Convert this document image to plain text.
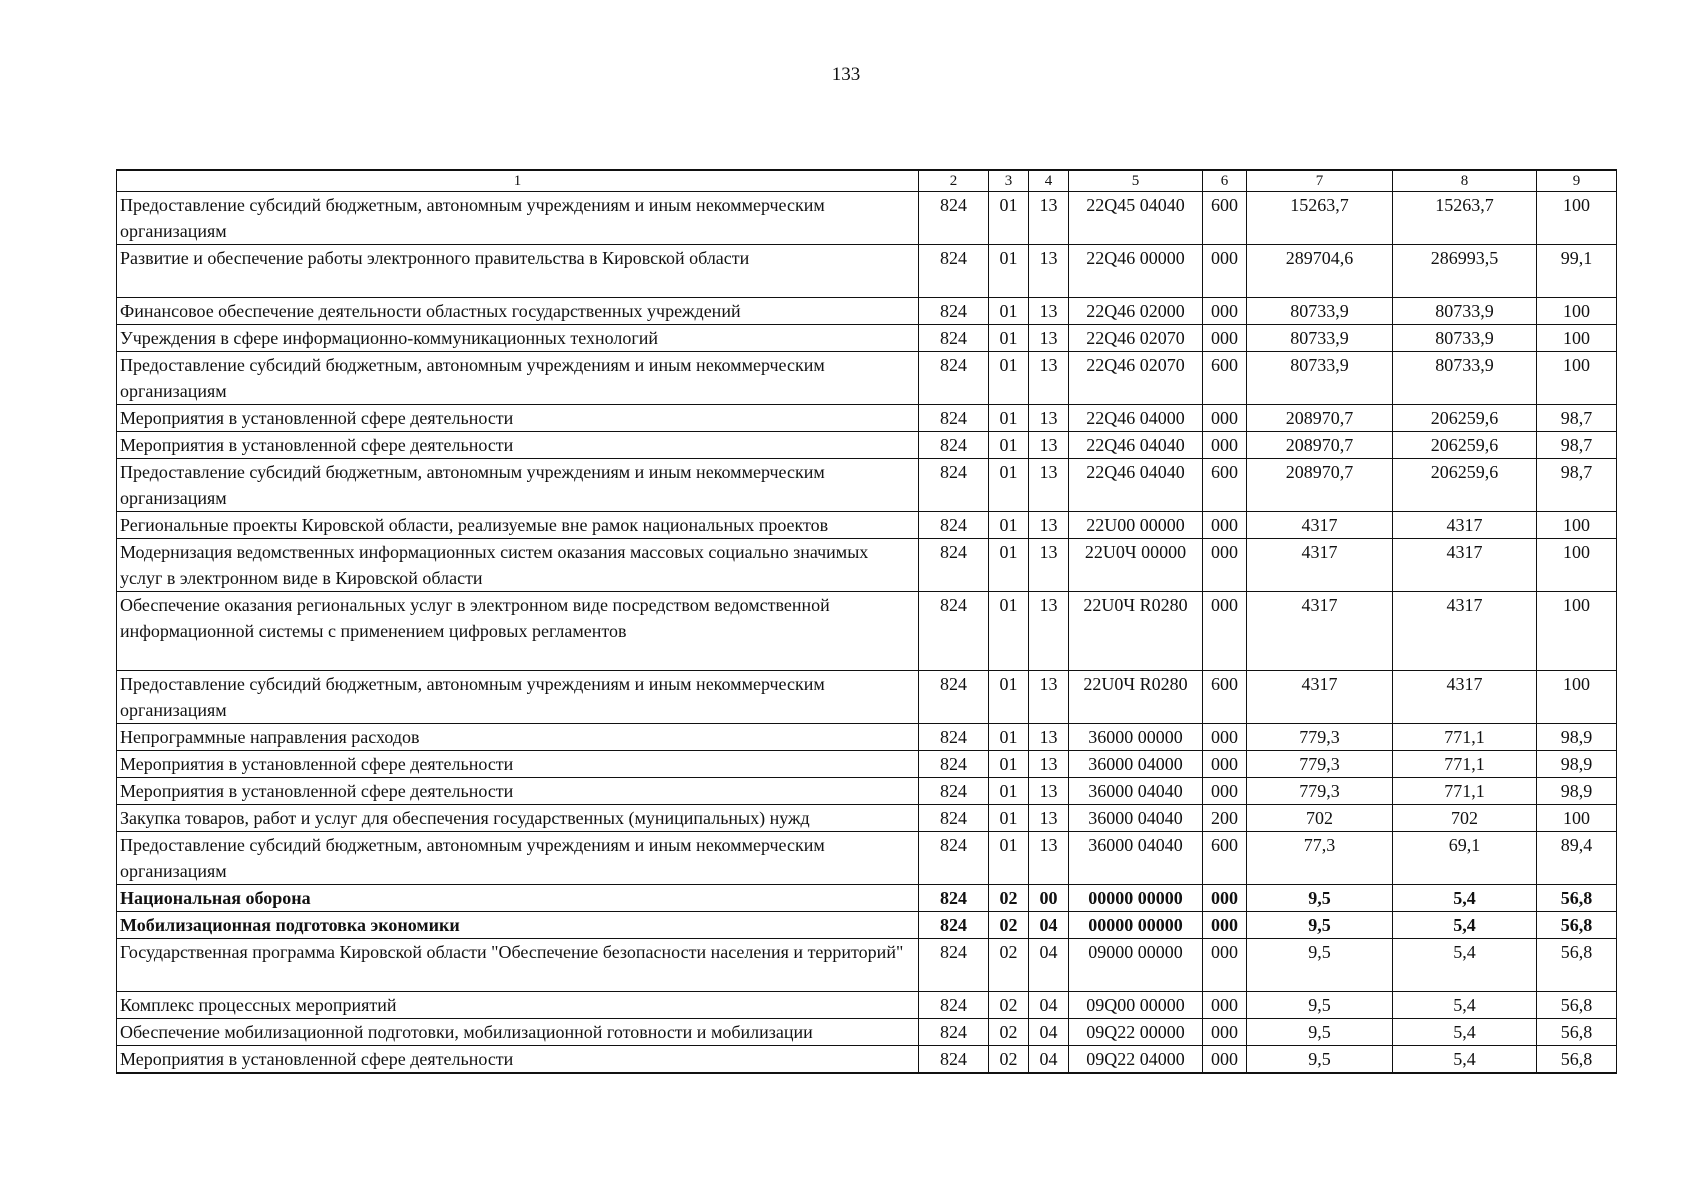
133
1	2	3	4	5	6	7	8	9
Предоставление субсидий бюджетным, автономным учреждениям и иным некоммерческим организациям	824	01	13	22Q45 04040	600	15263,7	15263,7	100
Развитие и обеспечение работы электронного правительства в Кировской области	824	01	13	22Q46 00000	000	289704,6	286993,5	99,1
Финансовое обеспечение деятельности областных государственных учреждений	824	01	13	22Q46 02000	000	80733,9	80733,9	100
Учреждения в сфере информационно-коммуникационных технологий	824	01	13	22Q46 02070	000	80733,9	80733,9	100
Предоставление субсидий бюджетным, автономным учреждениям и иным некоммерческим организациям	824	01	13	22Q46 02070	600	80733,9	80733,9	100
Мероприятия в установленной сфере деятельности	824	01	13	22Q46 04000	000	208970,7	206259,6	98,7
Мероприятия в установленной сфере деятельности	824	01	13	22Q46 04040	000	208970,7	206259,6	98,7
Предоставление субсидий бюджетным, автономным учреждениям и иным некоммерческим организациям	824	01	13	22Q46 04040	600	208970,7	206259,6	98,7
Региональные проекты Кировской области, реализуемые вне рамок национальных проектов	824	01	13	22U00 00000	000	4317	4317	100
Модернизация ведомственных информационных систем оказания массовых социально значимых услуг в электронном виде в Кировской области	824	01	13	22U0Ч 00000	000	4317	4317	100
Обеспечение оказания региональных услуг в электронном виде посредством ведомственной информационной системы с применением цифровых регламентов	824	01	13	22U0Ч R0280	000	4317	4317	100
Предоставление субсидий бюджетным, автономным учреждениям и иным некоммерческим организациям	824	01	13	22U0Ч R0280	600	4317	4317	100
Непрограммные направления расходов	824	01	13	36000 00000	000	779,3	771,1	98,9
Мероприятия в установленной сфере деятельности	824	01	13	36000 04000	000	779,3	771,1	98,9
Мероприятия в установленной сфере деятельности	824	01	13	36000 04040	000	779,3	771,1	98,9
Закупка товаров, работ и услуг для обеспечения государственных (муниципальных) нужд	824	01	13	36000 04040	200	702	702	100
Предоставление субсидий бюджетным, автономным учреждениям и иным некоммерческим организациям	824	01	13	36000 04040	600	77,3	69,1	89,4
Национальная оборона	824	02	00	00000 00000	000	9,5	5,4	56,8
Мобилизационная подготовка экономики	824	02	04	00000 00000	000	9,5	5,4	56,8
Государственная программа Кировской области "Обеспечение безопасности населения и территорий"	824	02	04	09000 00000	000	9,5	5,4	56,8
Комплекс процессных мероприятий	824	02	04	09Q00 00000	000	9,5	5,4	56,8
Обеспечение мобилизационной подготовки, мобилизационной готовности и мобилизации	824	02	04	09Q22 00000	000	9,5	5,4	56,8
Мероприятия в установленной сфере деятельности	824	02	04	09Q22 04000	000	9,5	5,4	56,8
